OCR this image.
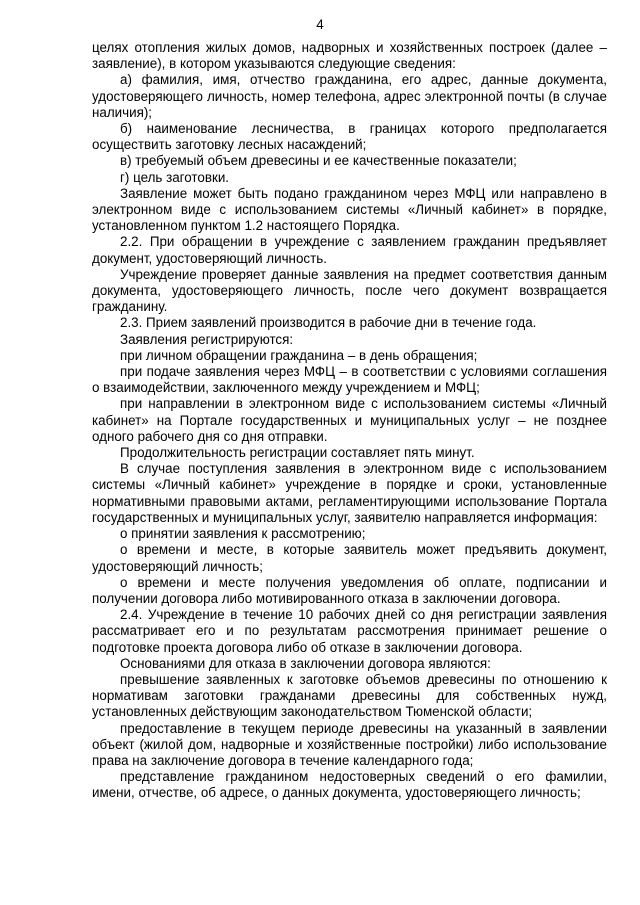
4

целях отопления жилых домов, надворных и хозяйственных построек (далее – заявление), в котором указываются следующие сведения:

а) фамилия, имя, отчество гражданина, его адрес, данные документа, удостоверяющего личность, номер телефона, адрес электронной почты (в случае наличия);

б) наименование лесничества, в границах которого предполагается осуществить заготовку лесных насаждений;

в) требуемый объем древесины и ее качественные показатели;

г) цель заготовки.

Заявление может быть подано гражданином через МФЦ или направлено в электронном виде с использованием системы «Личный кабинет» в порядке, установленном пунктом 1.2 настоящего Порядка.

2.2. При обращении в учреждение с заявлением гражданин предъявляет документ, удостоверяющий личность.

Учреждение проверяет данные заявления на предмет соответствия данным документа, удостоверяющего личность, после чего документ возвращается гражданину.

2.3. Прием заявлений производится в рабочие дни в течение года.

Заявления регистрируются:

при личном обращении гражданина – в день обращения;

при подаче заявления через МФЦ – в соответствии с условиями соглашения о взаимодействии, заключенного между учреждением и МФЦ;

при направлении в электронном виде с использованием системы «Личный кабинет» на Портале государственных и муниципальных услуг – не позднее одного рабочего дня со дня отправки.

Продолжительность регистрации составляет пять минут.

В случае поступления заявления в электронном виде с использованием системы «Личный кабинет» учреждение в порядке и сроки, установленные нормативными правовыми актами, регламентирующими использование Портала государственных и муниципальных услуг, заявителю направляется информация:

о принятии заявления к рассмотрению;

о времени и месте, в которые заявитель может предъявить документ, удостоверяющий личность;

о времени и месте получения уведомления об оплате, подписании и получении договора либо мотивированного отказа в заключении договора.

2.4. Учреждение в течение 10 рабочих дней со дня регистрации заявления рассматривает его и по результатам рассмотрения принимает решение о подготовке проекта договора либо об отказе в заключении договора.

Основаниями для отказа в заключении договора являются:

превышение заявленных к заготовке объемов древесины по отношению к нормативам заготовки гражданами древесины для собственных нужд, установленных действующим законодательством Тюменской области;

предоставление в текущем периоде древесины на указанный в заявлении объект (жилой дом, надворные и хозяйственные постройки) либо использование права на заключение договора в течение календарного года;

представление гражданином недостоверных сведений о его фамилии, имени, отчестве, об адресе, о данных документа, удостоверяющего личность;
